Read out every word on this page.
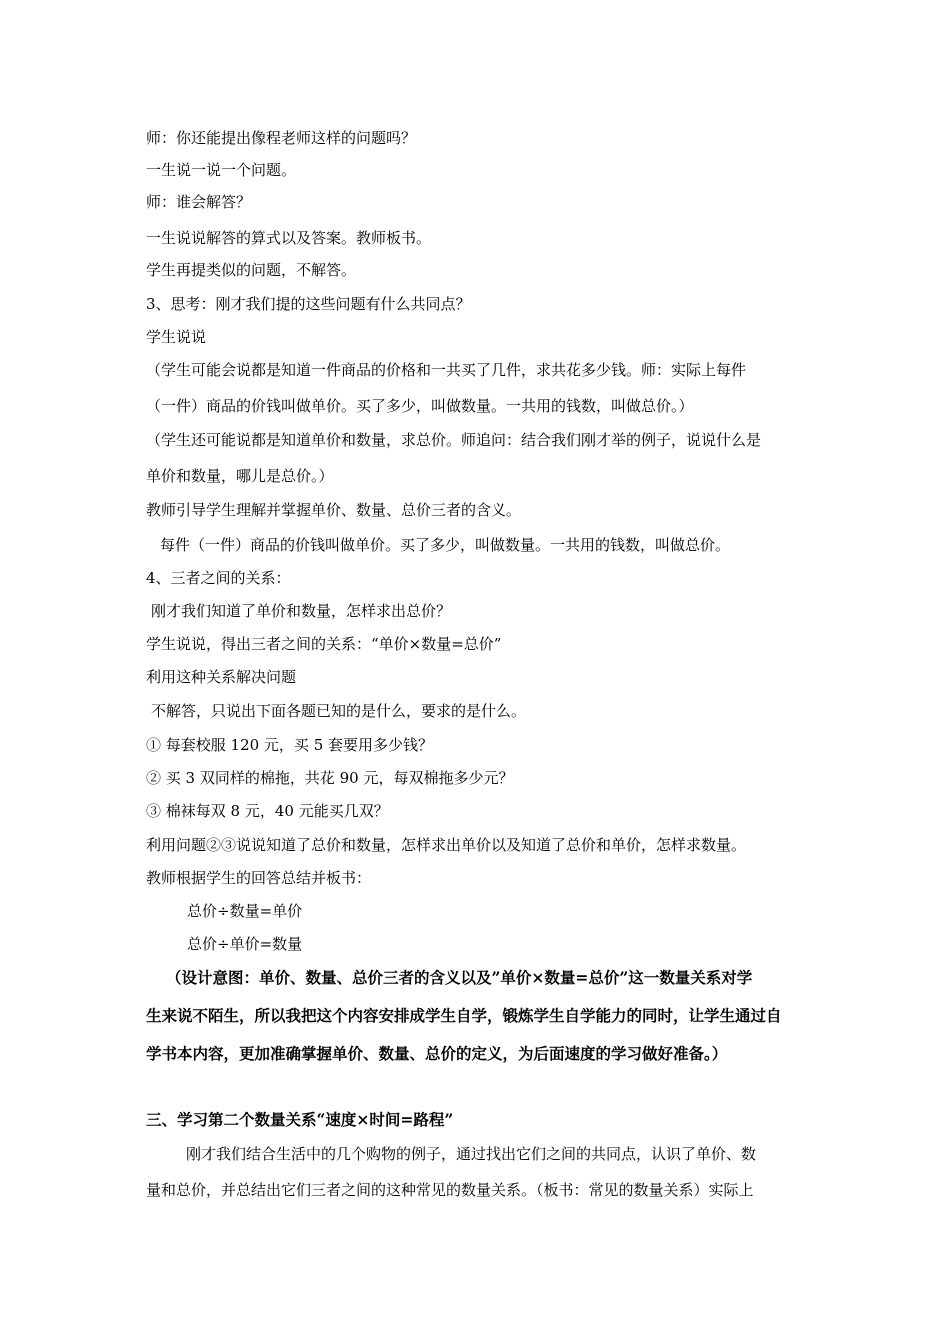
师：你还能提出像程老师这样的问题吗？
一生说一说一个问题。
师：谁会解答？
一生说说解答的算式以及答案。教师板书。
学生再提类似的问题，不解答。
3、思考：刚才我们提的这些问题有什么共同点？
学生说说
（学生可能会说都是知道一件商品的价格和一共买了几件，求共花多少钱。师：实际上每件
（一件）商品的价钱叫做单价。买了多少，叫做数量。一共用的钱数，叫做总价。）
（学生还可能说都是知道单价和数量，求总价。师追问：结合我们刚才举的例子，说说什么是
单价和数量，哪儿是总价。）
教师引导学生理解并掌握单价、数量、总价三者的含义。
每件（一件）商品的价钱叫做单价。买了多少，叫做数量。一共用的钱数，叫做总价。
4、三者之间的关系：
刚才我们知道了单价和数量，怎样求出总价？
学生说说，得出三者之间的关系：“单价×数量=总价”
利用这种关系解决问题
不解答，只说出下面各题已知的是什么，要求的是什么。
① 每套校服 120 元，买 5 套要用多少钱？
② 买 3 双同样的棉拖，共花 90 元，每双棉拖多少元？
③ 棉袜每双 8 元，40 元能买几双？
利用问题②③说说知道了总价和数量，怎样求出单价以及知道了总价和单价，怎样求数量。
教师根据学生的回答总结并板书：
总价÷数量=单价
总价÷单价=数量
（设计意图：单价、数量、总价三者的含义以及”单价×数量=总价”这一数量关系对学
生来说不陌生，所以我把这个内容安排成学生自学，锻炼学生自学能力的同时，让学生通过自
学书本内容，更加准确掌握单价、数量、总价的定义，为后面速度的学习做好准备。）
三、学习第二个数量关系“速度×时间=路程”
刚才我们结合生活中的几个购物的例子，通过找出它们之间的共同点，认识了单价、数
量和总价，并总结出它们三者之间的这种常见的数量关系。（板书：常见的数量关系）实际上
